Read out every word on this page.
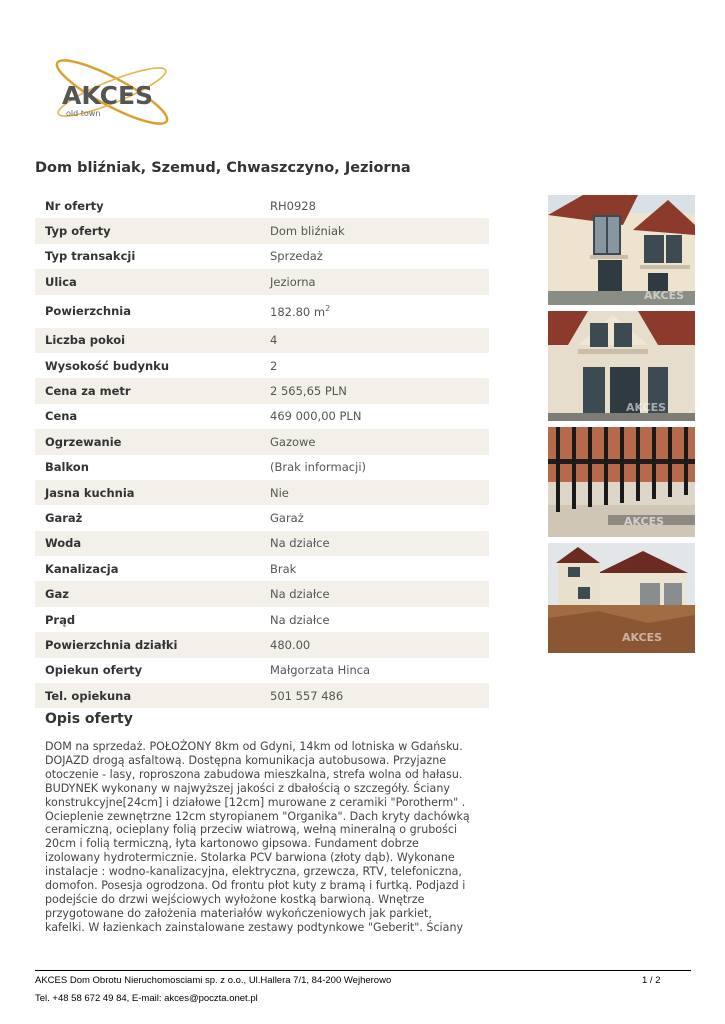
AKCES
old town
Dom bliźniak, Szemud, Chwaszczyno, Jeziorna
Nr oferty	RH0928
Typ oferty	Dom bliźniak
Typ transakcji	Sprzedaż
Ulica	Jeziorna
Powierzchnia	182.80 $m^2$
Liczba pokoi	4
Wysokość budynku	2
Cena za metr	2 565,65 PLN
Cena	469 000,00 PLN
Ogrzewanie	Gazowe
Balkon	(Brak informacji)
Jasna kuchnia	Nie
Garaż	Garaż
Woda	Na działce
Kanalizacja	Brak
Gaz	Na działce
Prąd	Na działce
Powierzchnia działki	480.00
Opiekun oferty	Małgorzata Hinca
Tel. opiekuna	501 557 486
Opis oferty

DOM na sprzedaż. POŁOŻONY 8km od Gdyni, 14km od lotniska w Gdańsku. DOJAZD drogą asfaltową. Dostępna komunikacja autobusowa. Przyjazne otoczenie - lasy, roproszona zabudowa mieszkalna, strefa wolna od hałasu. BUDYNEK wykonany w najwyższej jakości z dbałością o szczegóły. Ściany konstrukcyjne[24cm] i działowe [12cm] murowane z ceramiki "Porotherm" . Ocieplenie zewnętrzne 12cm styropianem "Organika". Dach kryty dachówką ceramiczną, ocieplany folią przeciw wiatrową, wełną mineralną o grubości 20cm i folią termiczną, łyta kartonowo gipsowa. Fundament dobrze izolowany hydrotermicznie. Stolarka PCV barwiona (złoty dąb). Wykonane instalacje : wodno-kanalizacyjna, elektryczna, grzewcza, RTV, telefoniczna, domofon. Posesja ogrodzona. Od frontu płot kuty z bramą i furtką. Podjazd i podejście do drzwi wejściowych wyłożone kostką barwioną. Wnętrze przygotowane do założenia materiałów wykończeniowych jak parkiet, kafelki. W łazienkach zainstalowane zestawy podtynkowe "Geberit". Ściany

AKCES
AKCES
AKCES
AKCES
AKCES Dom Obrotu Nieruchomosciami sp. z o.o., Ul.Hallera 7/1, 84-200 Wejherowo
Tel. +48 58 672 49 84, E-mail: akces@poczta.onet.pl
1 / 2
